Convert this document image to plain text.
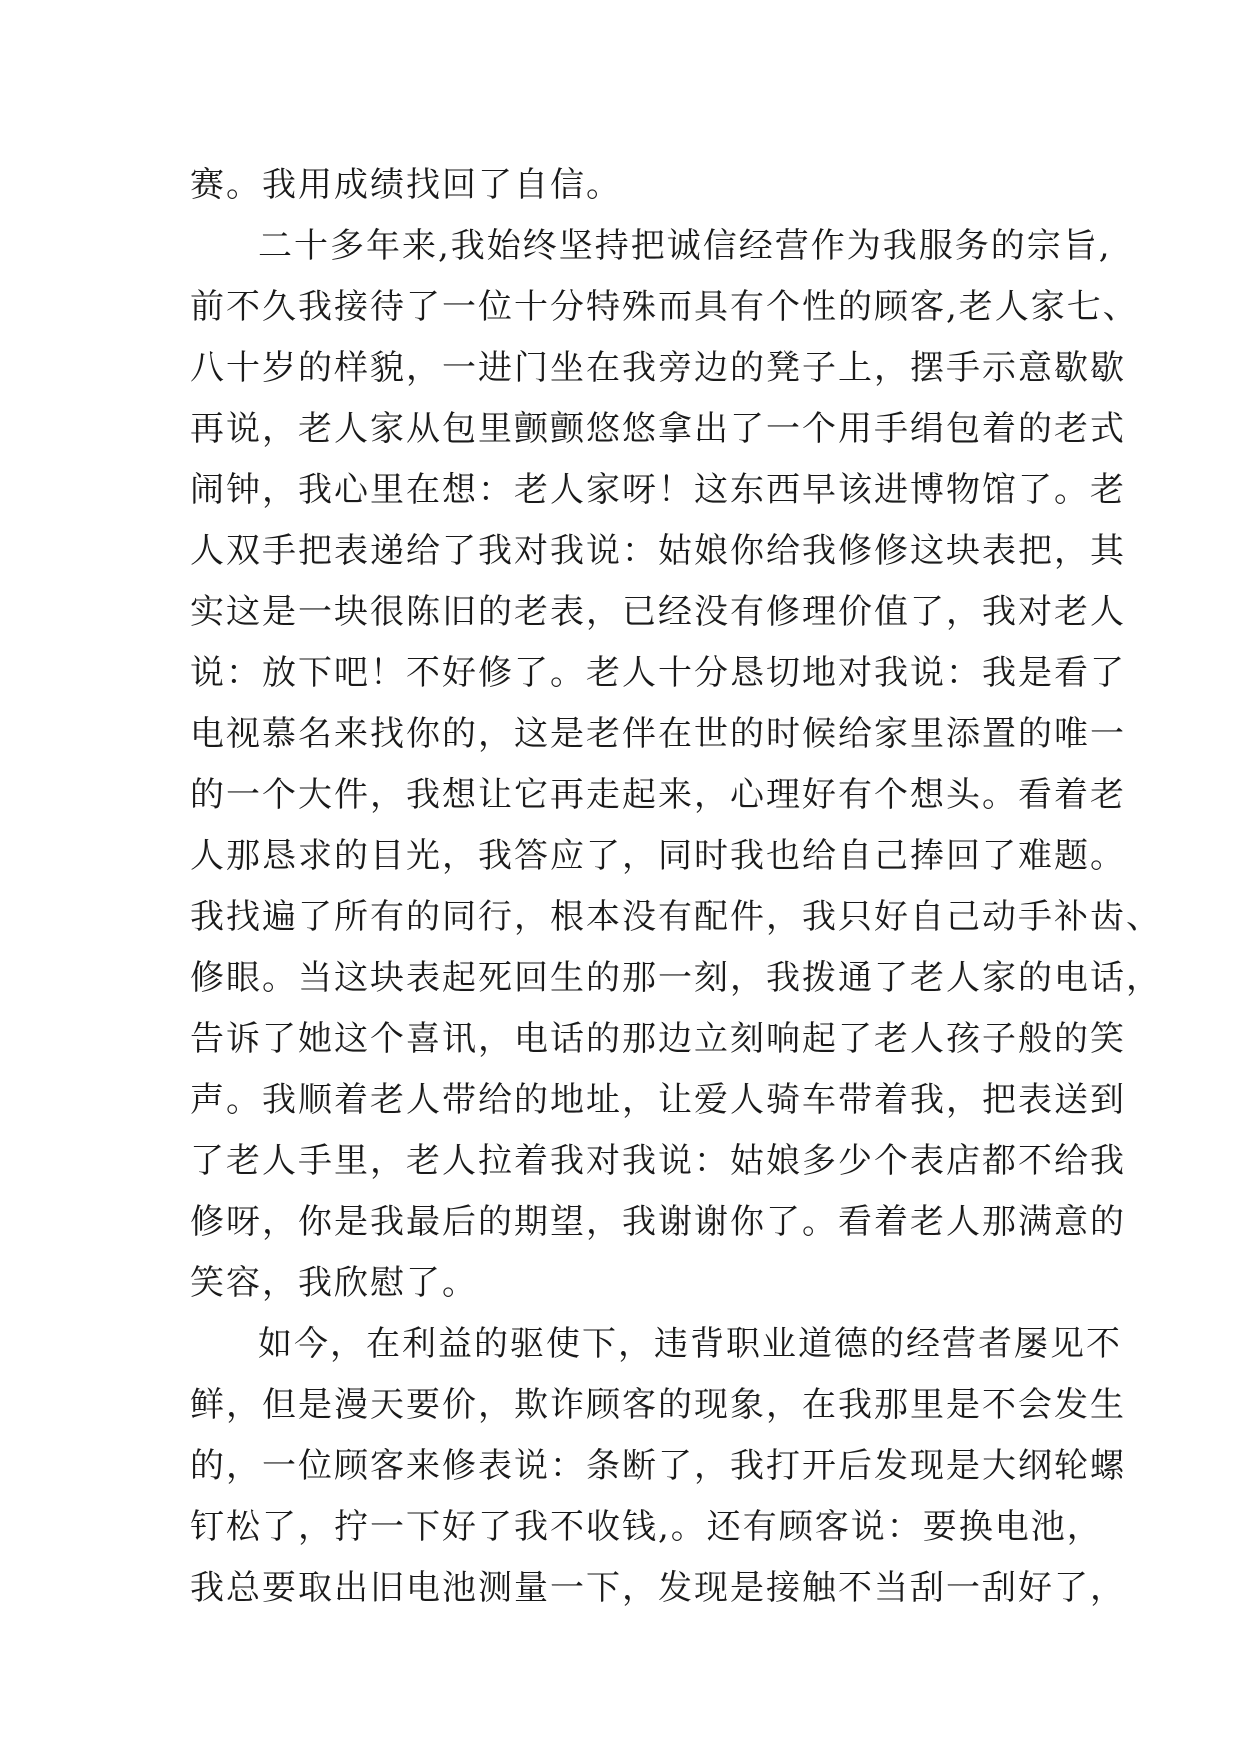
赛。我用成绩找回了自信。
二十多年来,我始终坚持把诚信经营作为我服务的宗旨,
前不久我接待了一位十分特殊而具有个性的顾客,老人家七、
八十岁的样貌，一进门坐在我旁边的凳子上，摆手示意歇歇
再说，老人家从包里颤颤悠悠拿出了一个用手绢包着的老式
闹钟，我心里在想：老人家呀！这东西早该进博物馆了。老
人双手把表递给了我对我说：姑娘你给我修修这块表把，其
实这是一块很陈旧的老表，已经没有修理价值了，我对老人
说：放下吧！不好修了。老人十分恳切地对我说：我是看了
电视慕名来找你的，这是老伴在世的时候给家里添置的唯一
的一个大件，我想让它再走起来，心理好有个想头。看着老
人那恳求的目光，我答应了，同时我也给自己捧回了难题。
我找遍了所有的同行，根本没有配件，我只好自己动手补齿、
修眼。当这块表起死回生的那一刻，我拨通了老人家的电话，
告诉了她这个喜讯，电话的那边立刻响起了老人孩子般的笑
声。我顺着老人带给的地址，让爱人骑车带着我，把表送到
了老人手里，老人拉着我对我说：姑娘多少个表店都不给我
修呀，你是我最后的期望，我谢谢你了。看着老人那满意的
笑容，我欣慰了。
如今，在利益的驱使下，违背职业道德的经营者屡见不
鲜，但是漫天要价，欺诈顾客的现象，在我那里是不会发生
的，一位顾客来修表说：条断了，我打开后发现是大纲轮螺
钉松了，拧一下好了我不收钱,。还有顾客说：要换电池，
我总要取出旧电池测量一下，发现是接触不当刮一刮好了，
